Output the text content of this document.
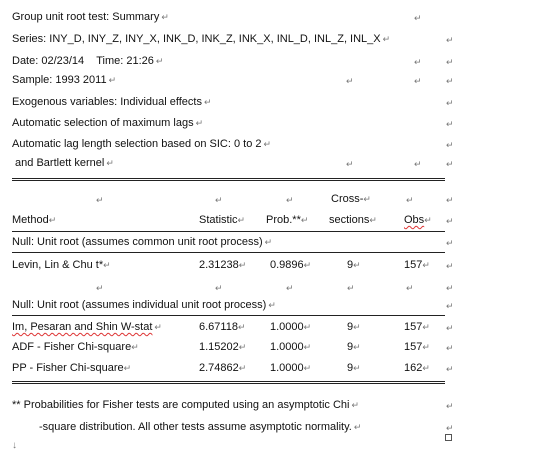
Group unit root test: Summary ↵	↵
Series: INY_D, INY_Z, INY_X, INK_D, INK_Z, INK_X, INL_D, INL_Z, INL_X ↵	↵
Date: 02/23/14    Time: 21:26 ↵	↵	↵
Sample: 1993 2011 ↵	↵	↵	↵
Exogenous variables: Individual effects ↵	↵
Automatic selection of maximum lags ↵	↵
Automatic lag length selection based on SIC: 0 to 2 ↵	↵
and Bartlett kernel ↵	↵	↵	↵
↵	↵	↵	Cross-↵	↵	↵
Method↵	Statistic↵ Prob.**↵ sections↵ Obs↵ ↵
Null: Unit root (assumes common unit root process) ↵	↵
Levin, Lin & Chu t*↵	2.31238↵ 0.9896↵	9↵	157↵ ↵
↵	↵	↵	↵	↵	↵
Null: Unit root (assumes individual unit root process) ↵	↵
Im, Pesaran and Shin W-stat ↵	6.67118↵ 1.0000↵	9↵	157↵ ↵
ADF - Fisher Chi-square↵	1.15202↵ 1.0000↵	9↵	157↵ ↵
PP - Fisher Chi-square↵	2.74862↵ 1.0000↵	9↵	162↵ ↵
** Probabilities for Fisher tests are computed using an asymptotic Chi ↵	↵
-square distribution. All other tests assume asymptotic normality. ↵	↵
↓
